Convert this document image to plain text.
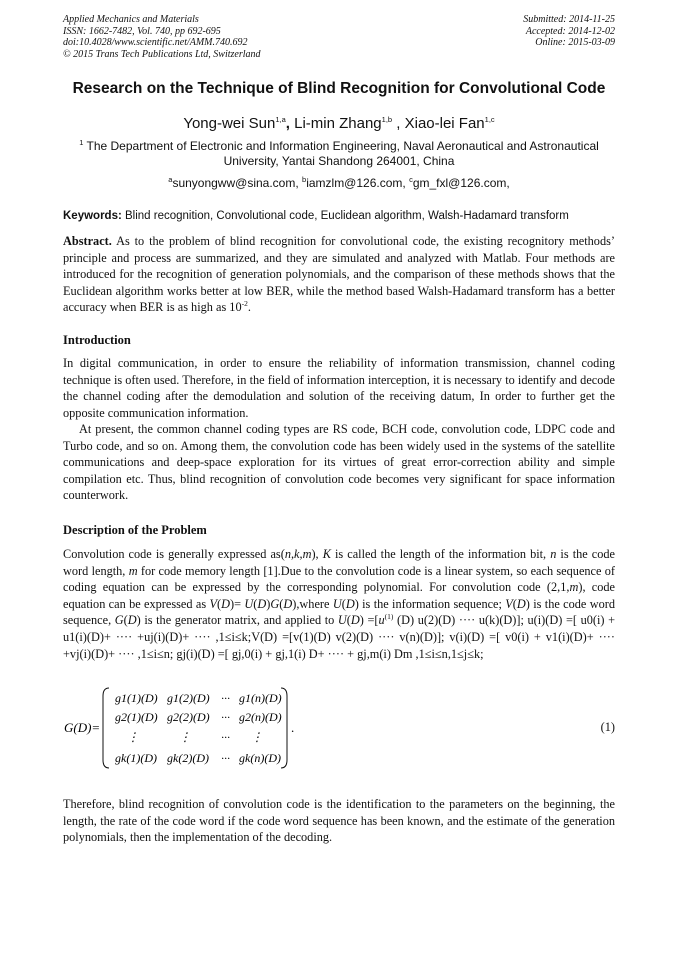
Applied Mechanics and Materials
ISSN: 1662-7482, Vol. 740, pp 692-695
doi:10.4028/www.scientific.net/AMM.740.692
© 2015 Trans Tech Publications Ltd, Switzerland
Submitted: 2014-11-25
Accepted: 2014-12-02
Online: 2015-03-09
Research on the Technique of Blind Recognition for Convolutional Code
Yong-wei Sun$^{1,a}$, Li-min Zhang$^{1,b}$ , Xiao-lei Fan$^{1,c}$
$^1$ The Department of Electronic and Information Engineering, Naval Aeronautical and Astronautical
University, Yantai Shandong 264001, China
$^a$sunyongww@sina.com, $^b$iamzlm@126.com, $^c$gm_fxl@126.com,
Keywords: Blind recognition, Convolutional code, Euclidean algorithm, Walsh-Hadamard transform
Abstract. As to the problem of blind recognition for convolutional code, the existing recognitory methods’ principle and process are summarized, and they are simulated and analyzed with Matlab. Four methods are introduced for the recognition of generation polynomials, and the comparison of these methods shows that the Euclidean algorithm works better at low BER, while the method based Walsh-Hadamard transform has a better accuracy when BER is as high as $10^{-2}$.
Introduction
In digital communication, in order to ensure the reliability of information transmission, channel coding technique is often used. Therefore, in the field of information interception, it is necessary to identify and decode the channel coding after the demodulation and solution of the receiving datum, In order to further get the opposite communication information.
At present, the common channel coding types are RS code, BCH code, convolution code, LDPC code and Turbo code, and so on. Among them, the convolution code has been widely used in the systems of the satellite communications and deep-space exploration for its virtues of great error-correction ability and simple compilation etc. Thus, blind recognition of convolution code becomes very significant for space information counterwork.
Description of the Problem
Convolution code is generally expressed as(n,k,m), K is called the length of the information bit, n is the code word length, m for code memory length [1].Due to the convolution code is a linear system, so each sequence of coding equation can be expressed by the corresponding polynomial. For convolution code (2,1,m), code equation can be expressed as V(D)= U(D)G(D),where U(D) is the information sequence; V(D) is the code word sequence, G(D) is the generator matrix, and applied to $U(D) =[u^{(1)}$ (D) u(2)(D) ···· u(k)(D)]; u(i)(D) =[ u0(i) + u1(i)(D)+ ···· +uj(i)(D)+ ···· ,1≤i≤k;V(D) =[v(1)(D) v(2)(D) ···· v(n)(D)]; v(i)(D) =[ v0(i) + v1(i)(D)+ ···· +vj(i)(D)+ ···· ,1≤i≤n; gj(i)(D) =[ gj,0(i) + gj,1(i) D+ ···· + gj,m(i) Dm ,1≤i≤n,1≤j≤k;
G(D)=
g1(1)(D) g1(2)(D) ··· g1(n)(D)
g2(1)(D) g2(2)(D) ··· g2(n)(D)
⋮	⋮	··· ⋮
gk(1)(D) gk(2)(D) ··· gk(n)(D)
.	(1)
Therefore, blind recognition of convolution code is the identification to the parameters on the beginning, the length, the rate of the code word if the code word sequence has been known, and the estimate of the generation polynomials, then the implementation of the decoding.
